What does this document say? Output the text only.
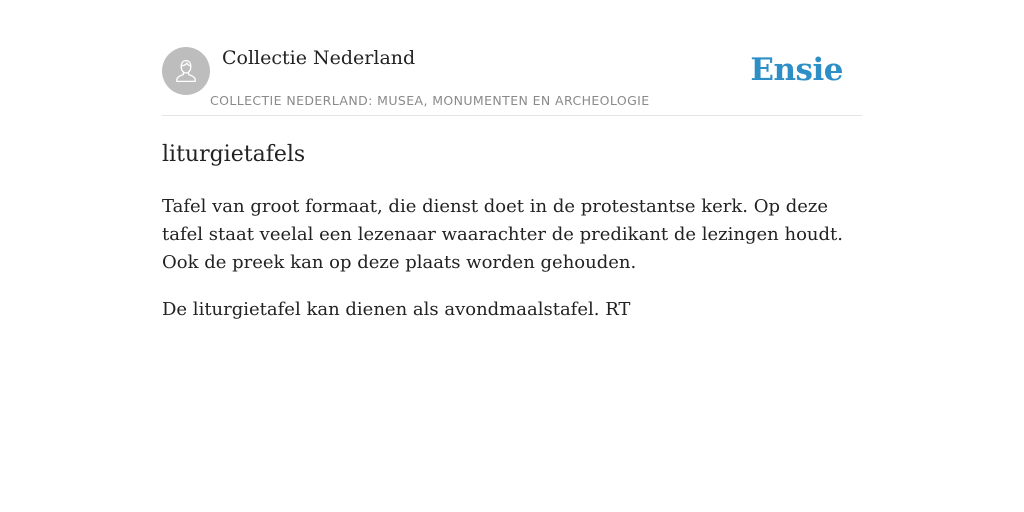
Collectie Nederland
COLLECTIE NEDERLAND: MUSEA, MONUMENTEN EN ARCHEOLOGIE
Ensie
liturgietafels

Tafel van groot formaat, die dienst doet in de protestantse kerk. Op deze tafel staat veelal een lezenaar waarachter de predikant de lezingen houdt. Ook de preek kan op deze plaats worden gehouden.

De liturgietafel kan dienen als avondmaalstafel. RT
